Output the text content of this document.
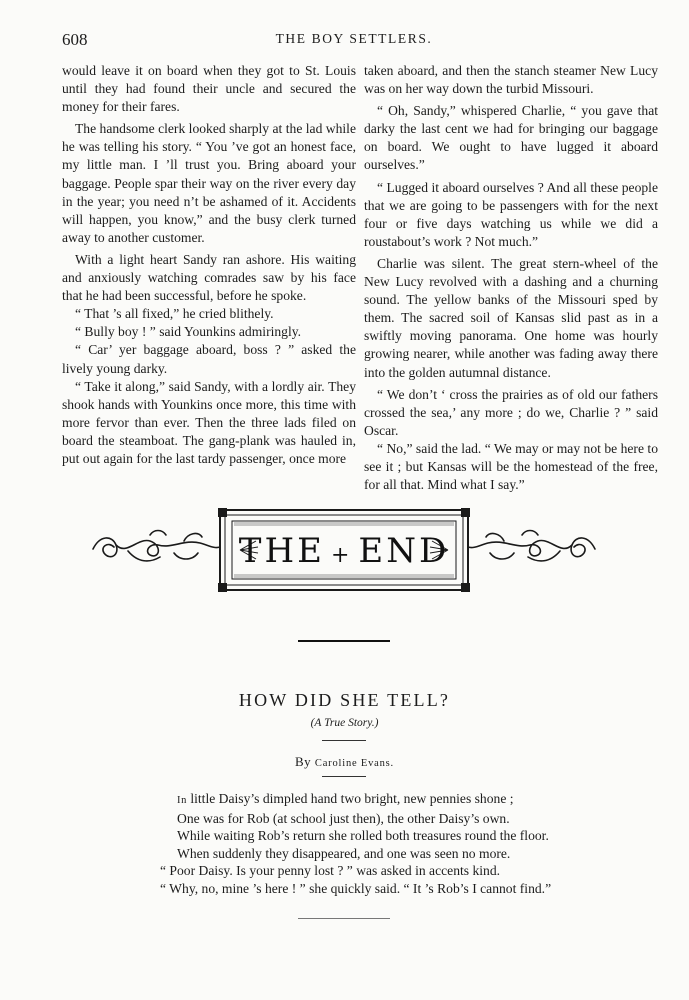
608	THE BOY SETTLERS.

would leave it on board when they got to St. Louis until they had found their uncle and secured the money for their fares.

The handsome clerk looked sharply at the lad while he was telling his story. “ You ’ve got an honest face, my little man. I ’ll trust you. Bring aboard your baggage. People spar their way on the river every day in the year; you need n’t be ashamed of it. Accidents will happen, you know,” and the busy clerk turned away to another customer.

With a light heart Sandy ran ashore. His waiting and anxiously watching comrades saw by his face that he had been successful, before he spoke.

“ That ’s all fixed,” he cried blithely.

“ Bully boy ! ” said Younkins admiringly.

“ Car’ yer baggage aboard, boss ? ” asked the lively young darky.

“ Take it along,” said Sandy, with a lordly air. They shook hands with Younkins once more, this time with more fervor than ever. Then the three lads filed on board the steamboat. The gang-plank was hauled in, put out again for the last tardy passenger, once more

taken aboard, and then the stanch steamer New Lucy was on her way down the turbid Missouri.

“ Oh, Sandy,” whispered Charlie, “ you gave that darky the last cent we had for bringing our baggage on board. We ought to have lugged it aboard ourselves.”

“ Lugged it aboard ourselves ? And all these people that we are going to be passengers with for the next four or five days watching us while we did a roustabout’s work ? Not much.”

Charlie was silent. The great stern-wheel of the New Lucy revolved with a dashing and a churning sound. The yellow banks of the Missouri sped by them. The sacred soil of Kansas slid past as in a swiftly moving panorama. One home was hourly growing nearer, while another was fading away there into the golden autumnal distance.

“ We don’t ‘ cross the prairies as of old our fathers crossed the sea,’ any more ; do we, Charlie ? ” said Oscar.

“ No,” said the lad. “ We may or may not be here to see it ; but Kansas will be the homestead of the free, for all that. Mind what I say.”

THE + END
HOW DID SHE TELL?
(A True Story.)
By Caroline Evans.
In little Daisy’s dimpled hand two bright, new pennies shone ;
One was for Rob (at school just then), the other Daisy’s own.
While waiting Rob’s return she rolled both treasures round the floor.
When suddenly they disappeared, and one was seen no more.
“ Poor Daisy. Is your penny lost ? ” was asked in accents kind.
“ Why, no, mine ’s here ! ” she quickly said. “ It ’s Rob’s I cannot find.”
